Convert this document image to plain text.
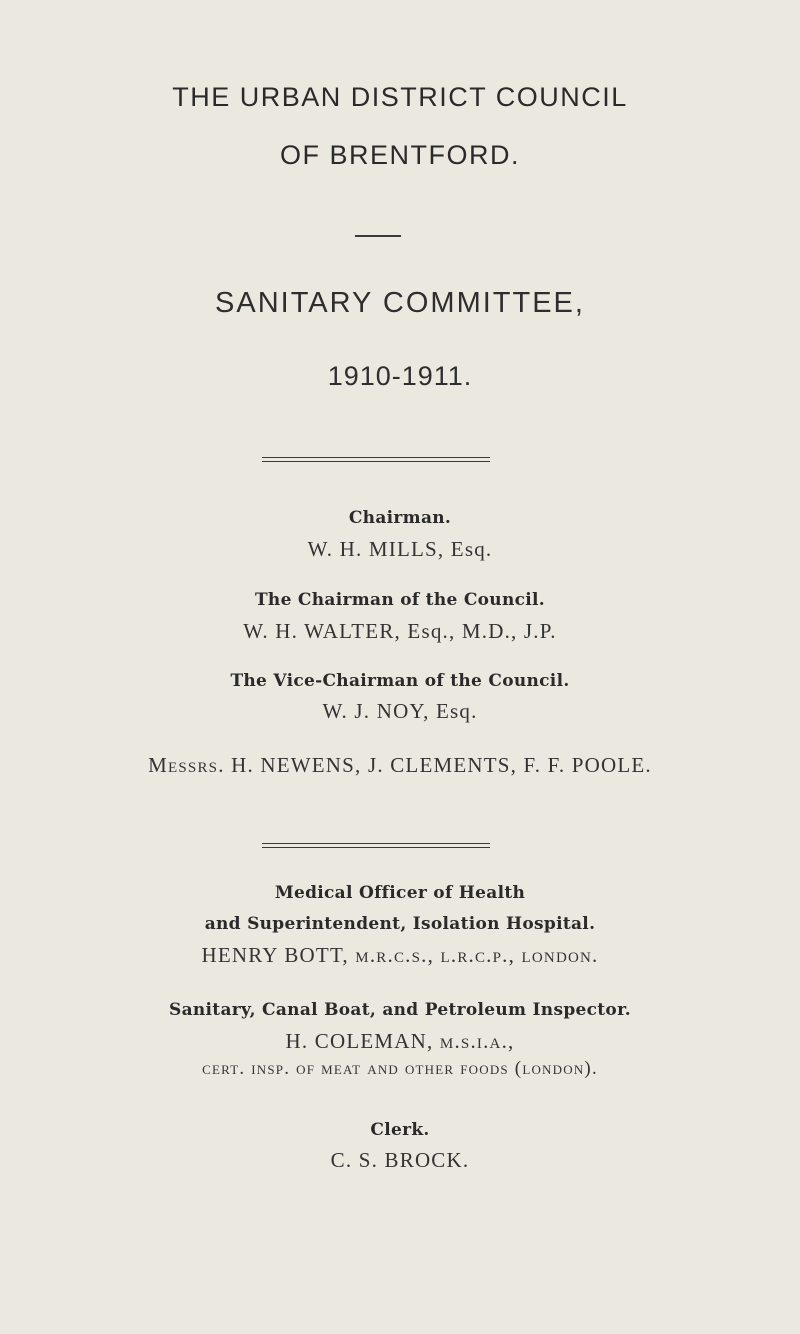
THE URBAN DISTRICT COUNCIL
OF BRENTFORD.
SANITARY COMMITTEE,
1910-1911.
Chairman.
W. H. MILLS, Esq.
The Chairman of the Council.
W. H. WALTER, Esq., M.D., J.P.
The Vice-Chairman of the Council.
W. J. NOY, Esq.
Messrs. H. NEWENS, J. CLEMENTS, F. F. POOLE.
Medical Officer of Health
and Superintendent, Isolation Hospital.
HENRY BOTT, m.r.c.s., l.r.c.p., london.
Sanitary, Canal Boat, and Petroleum Inspector.
H. COLEMAN, m.s.i.a.,
cert. insp. of meat and other foods (london).
Clerk.
C. S. BROCK.
